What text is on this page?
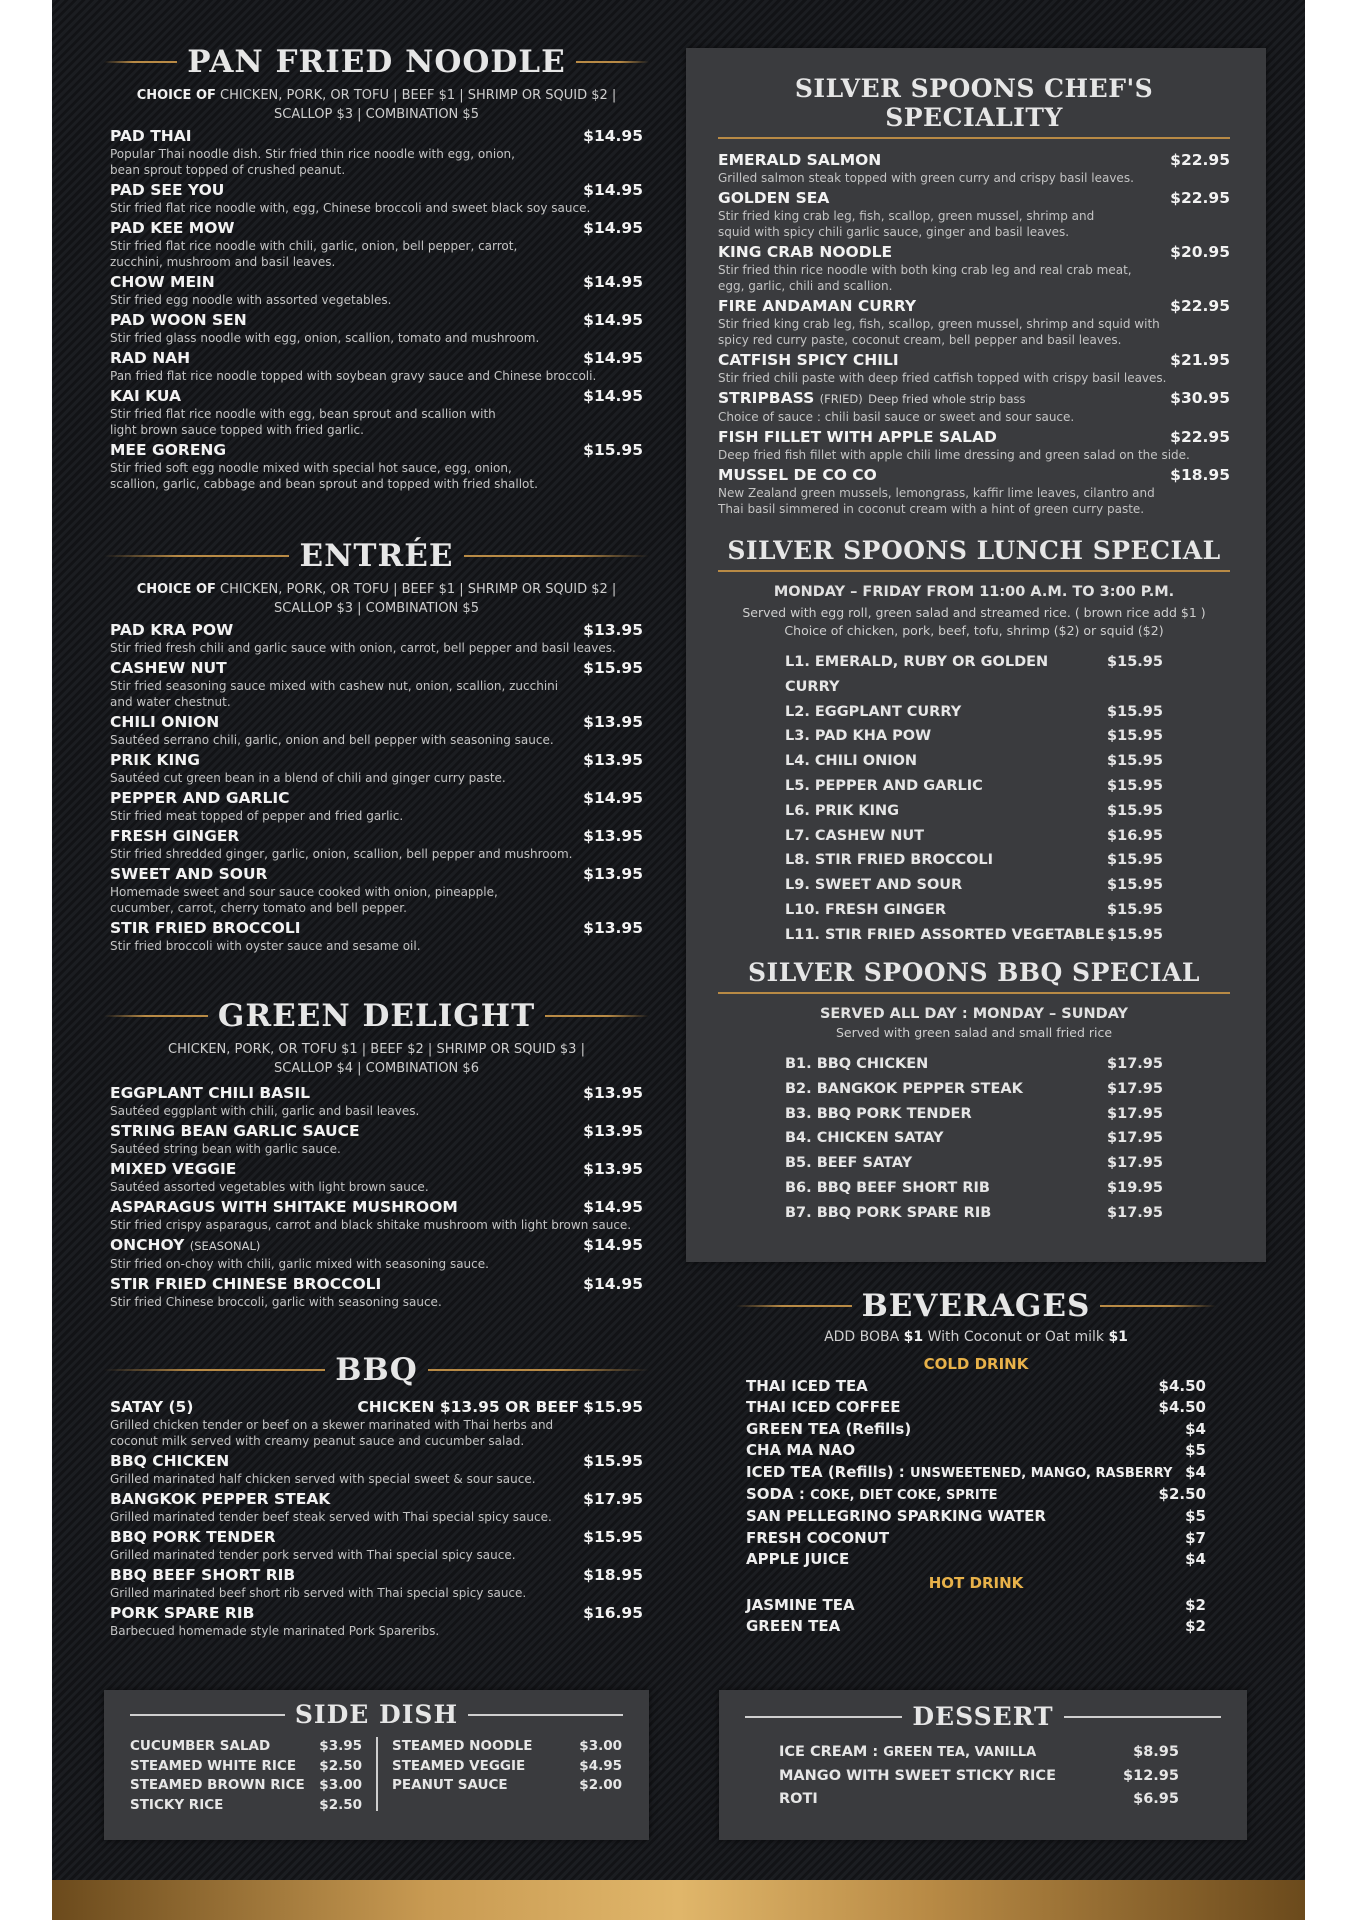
PAN FRIED NOODLE
CHOICE OF CHICKEN, PORK, OR TOFU | BEEF $1 | SHRIMP OR SQUID $2 |
SCALLOP $3 | COMBINATION $5
PAD THAI	$14.95
Popular Thai noodle dish. Stir fried thin rice noodle with egg, onion,
bean sprout topped of crushed peanut.
PAD SEE YOU	$14.95
Stir fried flat rice noodle with, egg, Chinese broccoli and sweet black soy sauce.
PAD KEE MOW	$14.95
Stir fried flat rice noodle with chili, garlic, onion, bell pepper, carrot,
zucchini, mushroom and basil leaves.
CHOW MEIN	$14.95
Stir fried egg noodle with assorted vegetables.
PAD WOON SEN	$14.95
Stir fried glass noodle with egg, onion, scallion, tomato and mushroom.
RAD NAH	$14.95
Pan fried flat rice noodle topped with soybean gravy sauce and Chinese broccoli.
KAI KUA	$14.95
Stir fried flat rice noodle with egg, bean sprout and scallion with
light brown sauce topped with fried garlic.
MEE GORENG	$15.95
Stir fried soft egg noodle mixed with special hot sauce, egg, onion,
scallion, garlic, cabbage and bean sprout and topped with fried shallot.
ENTRÉE
CHOICE OF CHICKEN, PORK, OR TOFU | BEEF $1 | SHRIMP OR SQUID $2 |
SCALLOP $3 | COMBINATION $5
PAD KRA POW	$13.95
Stir fried fresh chili and garlic sauce with onion, carrot, bell pepper and basil leaves.
CASHEW NUT	$15.95
Stir fried seasoning sauce mixed with cashew nut, onion, scallion, zucchini
and water chestnut.
CHILI ONION	$13.95
Sautéed serrano chili, garlic, onion and bell pepper with seasoning sauce.
PRIK KING	$13.95
Sautéed cut green bean in a blend of chili and ginger curry paste.
PEPPER AND GARLIC	$14.95
Stir fried meat topped of pepper and fried garlic.
FRESH GINGER	$13.95
Stir fried shredded ginger, garlic, onion, scallion, bell pepper and mushroom.
SWEET AND SOUR	$13.95
Homemade sweet and sour sauce cooked with onion, pineapple,
cucumber, carrot, cherry tomato and bell pepper.
STIR FRIED BROCCOLI	$13.95
Stir fried broccoli with oyster sauce and sesame oil.
GREEN DELIGHT
CHICKEN, PORK, OR TOFU $1 | BEEF $2 | SHRIMP OR SQUID $3 |
SCALLOP $4 | COMBINATION $6
EGGPLANT CHILI BASIL	$13.95
Sautéed eggplant with chili, garlic and basil leaves.
STRING BEAN GARLIC SAUCE	$13.95
Sautéed string bean with garlic sauce.
MIXED VEGGIE	$13.95
Sautéed assorted vegetables with light brown sauce.
ASPARAGUS WITH SHITAKE MUSHROOM	$14.95
Stir fried crispy asparagus, carrot and black shitake mushroom with light brown sauce.
ONCHOY (SEASONAL)	$14.95
Stir fried on-choy with chili, garlic mixed with seasoning sauce.
STIR FRIED CHINESE BROCCOLI	$14.95
Stir fried Chinese broccoli, garlic with seasoning sauce.
BBQ
SATAY (5)	CHICKEN $13.95 OR BEEF $15.95
Grilled chicken tender or beef on a skewer marinated with Thai herbs and
coconut milk served with creamy peanut sauce and cucumber salad.
BBQ CHICKEN	$15.95
Grilled marinated half chicken served with special sweet & sour sauce.
BANGKOK PEPPER STEAK	$17.95
Grilled marinated tender beef steak served with Thai special spicy sauce.
BBQ PORK TENDER	$15.95
Grilled marinated tender pork served with Thai special spicy sauce.
BBQ BEEF SHORT RIB	$18.95
Grilled marinated beef short rib served with Thai special spicy sauce.
PORK SPARE RIB	$16.95
Barbecued homemade style marinated Pork Spareribs.
SIDE DISH
CUCUMBER SALAD	$3.95
STEAMED WHITE RICE $2.50
STEAMED BROWN RICE $3.00
STICKY RICE	$2.50
STEAMED NOODLE	$3.00
STEAMED VEGGIE	$4.95
PEANUT SAUCE	$2.00
SILVER SPOONS CHEF'S SPECIALITY
EMERALD SALMON	$22.95
Grilled salmon steak topped with green curry and crispy basil leaves.
GOLDEN SEA	$22.95
Stir fried king crab leg, fish, scallop, green mussel, shrimp and
squid with spicy chili garlic sauce, ginger and basil leaves.
KING CRAB NOODLE	$20.95
Stir fried thin rice noodle with both king crab leg and real crab meat,
egg, garlic, chili and scallion.
FIRE ANDAMAN CURRY	$22.95
Stir fried king crab leg, fish, scallop, green mussel, shrimp and squid with
spicy red curry paste, coconut cream, bell pepper and basil leaves.
CATFISH SPICY CHILI	$21.95
Stir fried chili paste with deep fried catfish topped with crispy basil leaves.
STRIPBASS (FRIED) Deep fried whole strip bass	$30.95
Choice of sauce : chili basil sauce or sweet and sour sauce.
FISH FILLET WITH APPLE SALAD	$22.95
Deep fried fish fillet with apple chili lime dressing and green salad on the side.
MUSSEL DE CO CO	$18.95
New Zealand green mussels, lemongrass, kaffir lime leaves, cilantro and
Thai basil simmered in coconut cream with a hint of green curry paste.
SILVER SPOONS LUNCH SPECIAL
MONDAY – FRIDAY FROM 11:00 A.M. TO 3:00 P.M.
Served with egg roll, green salad and streamed rice. ( brown rice add $1 )
Choice of chicken, pork, beef, tofu, shrimp ($2) or squid ($2)
L1. EMERALD, RUBY OR GOLDEN CURRY
$15.95
L2. EGGPLANT CURRY	$15.95
L3. PAD KHA POW	$15.95
L4. CHILI ONION	$15.95
L5. PEPPER AND GARLIC	$15.95
L6. PRIK KING	$15.95
L7. CASHEW NUT	$16.95
L8. STIR FRIED BROCCOLI	$15.95
L9. SWEET AND SOUR	$15.95
L10. FRESH GINGER	$15.95
L11. STIR FRIED ASSORTED VEGETABLE $15.95
SILVER SPOONS BBQ SPECIAL
SERVED ALL DAY : MONDAY – SUNDAY
Served with green salad and small fried rice
B1. BBQ CHICKEN	$17.95
B2. BANGKOK PEPPER STEAK	$17.95
B3. BBQ PORK TENDER	$17.95
B4. CHICKEN SATAY	$17.95
B5. BEEF SATAY	$17.95
B6. BBQ BEEF SHORT RIB	$19.95
B7. BBQ PORK SPARE RIB	$17.95
BEVERAGES
ADD BOBA $1 With Coconut or Oat milk $1
COLD DRINK
THAI ICED TEA	$4.50
THAI ICED COFFEE	$4.50
GREEN TEA (Refills)	$4
CHA MA NAO	$5
ICED TEA (Refills) : UNSWEETENED, MANGO, RASBERRY $4
SODA : COKE, DIET COKE, SPRITE	$2.50
SAN PELLEGRINO SPARKING WATER	$5
FRESH COCONUT	$7
APPLE JUICE	$4
HOT DRINK
JASMINE TEA	$2
GREEN TEA	$2
DESSERT
ICE CREAM : GREEN TEA, VANILLA	$8.95
MANGO WITH SWEET STICKY RICE	$12.95
ROTI	$6.95
